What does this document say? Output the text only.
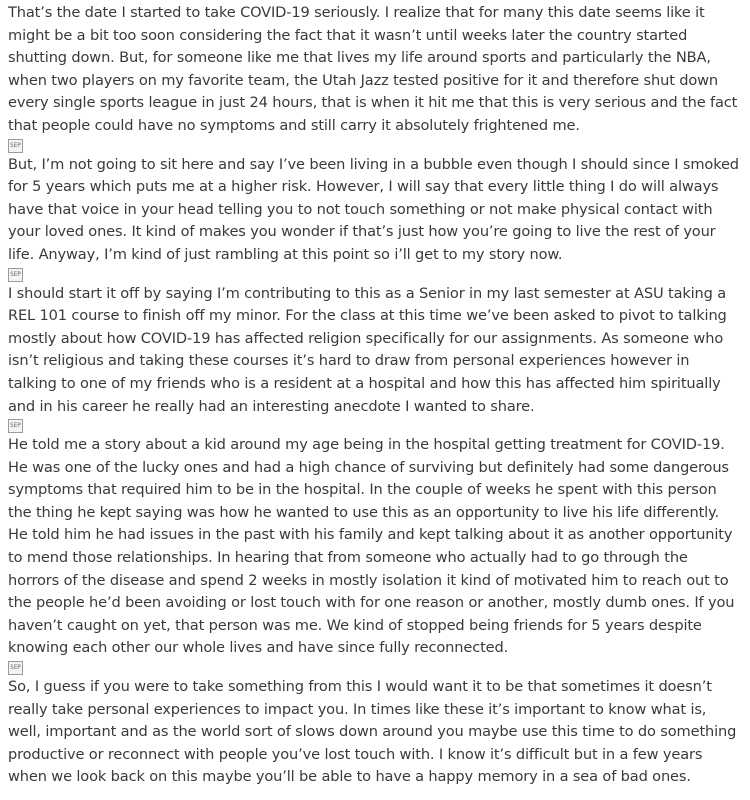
That’s the date I started to take COVID-19 seriously. I realize that for many this date seems like it might be a bit too soon considering the fact that it wasn’t until weeks later the country started shutting down. But, for someone like me that lives my life around sports and particularly the NBA, when two players on my favorite team, the Utah Jazz tested positive for it and therefore shut down every single sports league in just 24 hours, that is when it hit me that this is very serious and the fact that people could have no symptoms and still carry it absolutely frightened me.

SEP

But, I’m not going to sit here and say I’ve been living in a bubble even though I should since I smoked for 5 years which puts me at a higher risk. However, I will say that every little thing I do will always have that voice in your head telling you to not touch something or not make physical contact with your loved ones. It kind of makes you wonder if that’s just how you’re going to live the rest of your life. Anyway, I’m kind of just rambling at this point so i’ll get to my story now.

SEP

I should start it off by saying I’m contributing to this as a Senior in my last semester at ASU taking a REL 101 course to finish off my minor. For the class at this time we’ve been asked to pivot to talking mostly about how COVID-19 has affected religion specifically for our assignments. As someone who isn’t religious and taking these courses it’s hard to draw from personal experiences however in talking to one of my friends who is a resident at a hospital and how this has affected him spiritually and in his career he really had an interesting anecdote I wanted to share.

SEP

He told me a story about a kid around my age being in the hospital getting treatment for COVID-19. He was one of the lucky ones and had a high chance of surviving but definitely had some dangerous symptoms that required him to be in the hospital. In the couple of weeks he spent with this person the thing he kept saying was how he wanted to use this as an opportunity to live his life differently. He told him he had issues in the past with his family and kept talking about it as another opportunity to mend those relationships. In hearing that from someone who actually had to go through the horrors of the disease and spend 2 weeks in mostly isolation it kind of motivated him to reach out to the people he’d been avoiding or lost touch with for one reason or another, mostly dumb ones. If you haven’t caught on yet, that person was me. We kind of stopped being friends for 5 years despite knowing each other our whole lives and have since fully reconnected.

SEP

So, I guess if you were to take something from this I would want it to be that sometimes it doesn’t really take personal experiences to impact you. In times like these it’s important to know what is, well, important and as the world sort of slows down around you maybe use this time to do something productive or reconnect with people you’ve lost touch with. I know it’s difficult but in a few years when we look back on this maybe you’ll be able to have a happy memory in a sea of bad ones.
